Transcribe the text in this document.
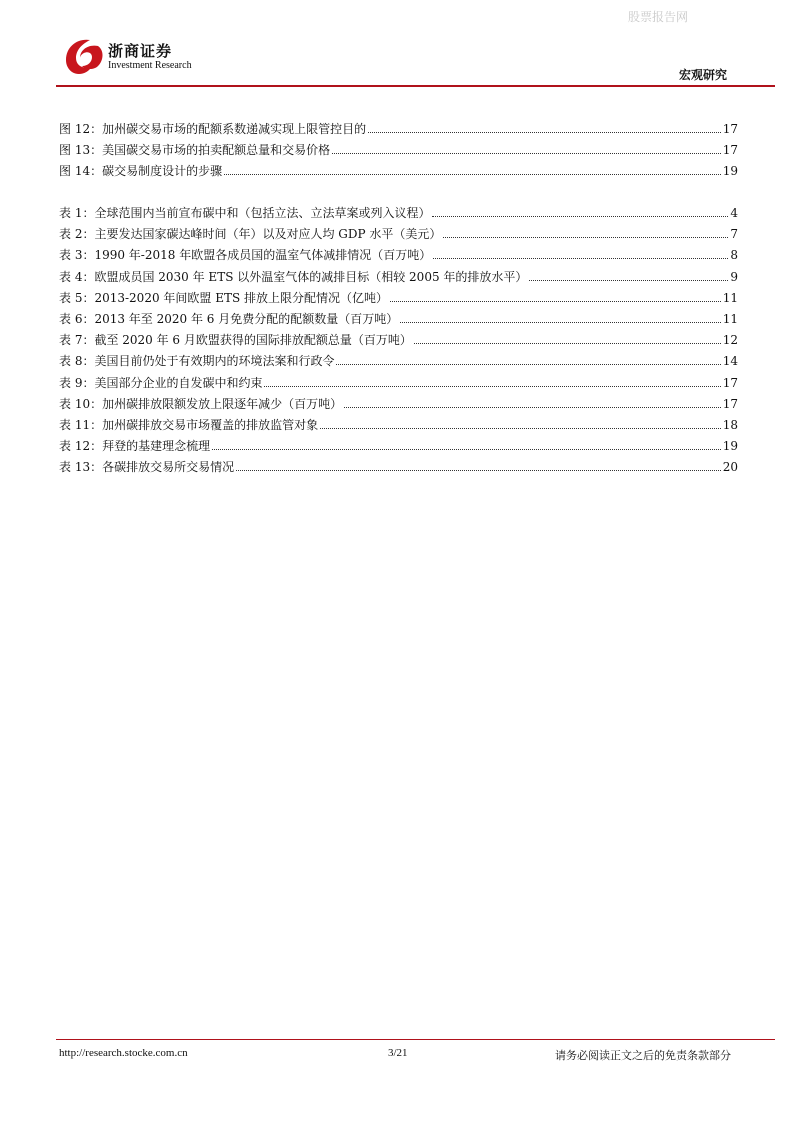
股票报告网
浙商证券
Investment Research
宏观研究
图 12：加州碳交易市场的配额系数递减实现上限管控目的	17
图 13：美国碳交易市场的拍卖配额总量和交易价格	17
图 14：碳交易制度设计的步骤	19
表 1：全球范围内当前宣布碳中和（包括立法、立法草案或列入议程）	4
表 2：主要发达国家碳达峰时间（年）以及对应人均 GDP 水平（美元）	7
表 3：1990 年-2018 年欧盟各成员国的温室气体减排情况（百万吨）	8
表 4：欧盟成员国 2030 年 ETS 以外温室气体的减排目标（相较 2005 年的排放水平）	9
表 5：2013-2020 年间欧盟 ETS 排放上限分配情况（亿吨）	11
表 6：2013 年至 2020 年 6 月免费分配的配额数量（百万吨）	11
表 7：截至 2020 年 6 月欧盟获得的国际排放配额总量（百万吨）	12
表 8：美国目前仍处于有效期内的环境法案和行政令	14
表 9：美国部分企业的自发碳中和约束	17
表 10：加州碳排放限额发放上限逐年减少（百万吨）	17
表 11：加州碳排放交易市场覆盖的排放监管对象	18
表 12：拜登的基建理念梳理	19
表 13：各碳排放交易所交易情况	20
http://research.stocke.com.cn	3/21	请务必阅读正文之后的免责条款部分
